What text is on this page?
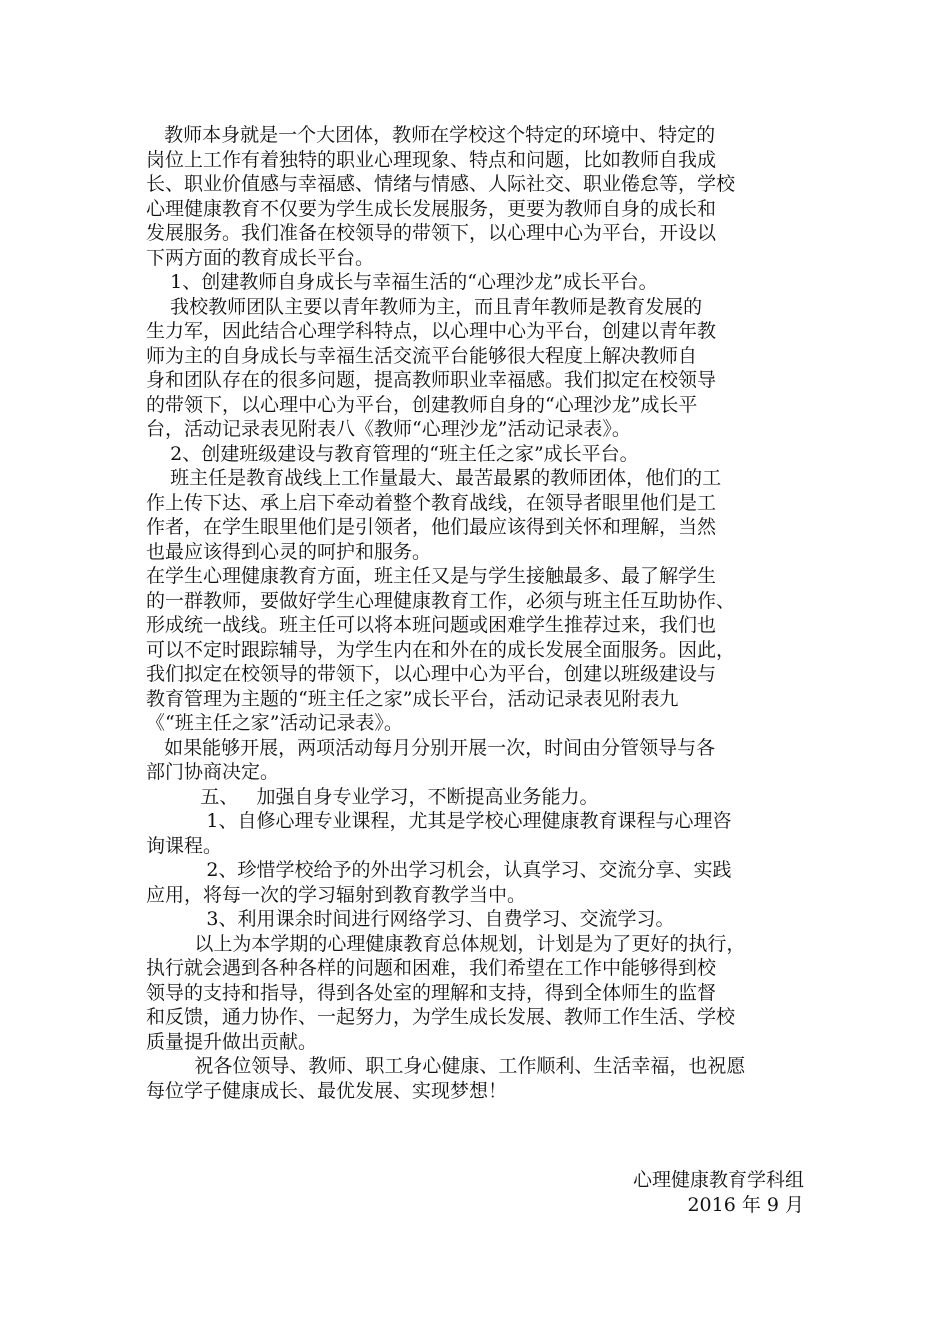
教师本身就是一个大团体，教师在学校这个特定的环境中、特定的
岗位上工作有着独特的职业心理现象、特点和问题，比如教师自我成
长、职业价值感与幸福感、情绪与情感、人际社交、职业倦怠等，学校
心理健康教育不仅要为学生成长发展服务，更要为教师自身的成长和
发展服务。我们准备在校领导的带领下，以心理中心为平台，开设以
下两方面的教育成长平台。
1、创建教师自身成长与幸福生活的“心理沙龙”成长平台。
我校教师团队主要以青年教师为主，而且青年教师是教育发展的
生力军，因此结合心理学科特点，以心理中心为平台，创建以青年教
师为主的自身成长与幸福生活交流平台能够很大程度上解决教师自
身和团队存在的很多问题，提高教师职业幸福感。我们拟定在校领导
的带领下，以心理中心为平台，创建教师自身的“心理沙龙”成长平
台，活动记录表见附表八《教师“心理沙龙”活动记录表》。
2、创建班级建设与教育管理的“班主任之家”成长平台。
班主任是教育战线上工作量最大、最苦最累的教师团体，他们的工
作上传下达、承上启下牵动着整个教育战线，在领导者眼里他们是工
作者，在学生眼里他们是引领者，他们最应该得到关怀和理解，当然
也最应该得到心灵的呵护和服务。
在学生心理健康教育方面，班主任又是与学生接触最多、最了解学生
的一群教师，要做好学生心理健康教育工作，必须与班主任互助协作、
形成统一战线。班主任可以将本班问题或困难学生推荐过来，我们也
可以不定时跟踪辅导，为学生内在和外在的成长发展全面服务。因此，
我们拟定在校领导的带领下，以心理中心为平台，创建以班级建设与
教育管理为主题的“班主任之家”成长平台，活动记录表见附表九
《“班主任之家”活动记录表》。
如果能够开展，两项活动每月分别开展一次，时间由分管领导与各
部门协商决定。
五、   加强自身专业学习，不断提高业务能力。
1、自修心理专业课程，尤其是学校心理健康教育课程与心理咨
询课程。
2、珍惜学校给予的外出学习机会，认真学习、交流分享、实践
应用，将每一次的学习辐射到教育教学当中。
3、利用课余时间进行网络学习、自费学习、交流学习。
以上为本学期的心理健康教育总体规划，计划是为了更好的执行，
执行就会遇到各种各样的问题和困难，我们希望在工作中能够得到校
领导的支持和指导，得到各处室的理解和支持，得到全体师生的监督
和反馈，通力协作、一起努力，为学生成长发展、教师工作生活、学校
质量提升做出贡献。
祝各位领导、教师、职工身心健康、工作顺利、生活幸福，也祝愿
每位学子健康成长、最优发展、实现梦想！
心理健康教育学科组
2016 年 9 月
